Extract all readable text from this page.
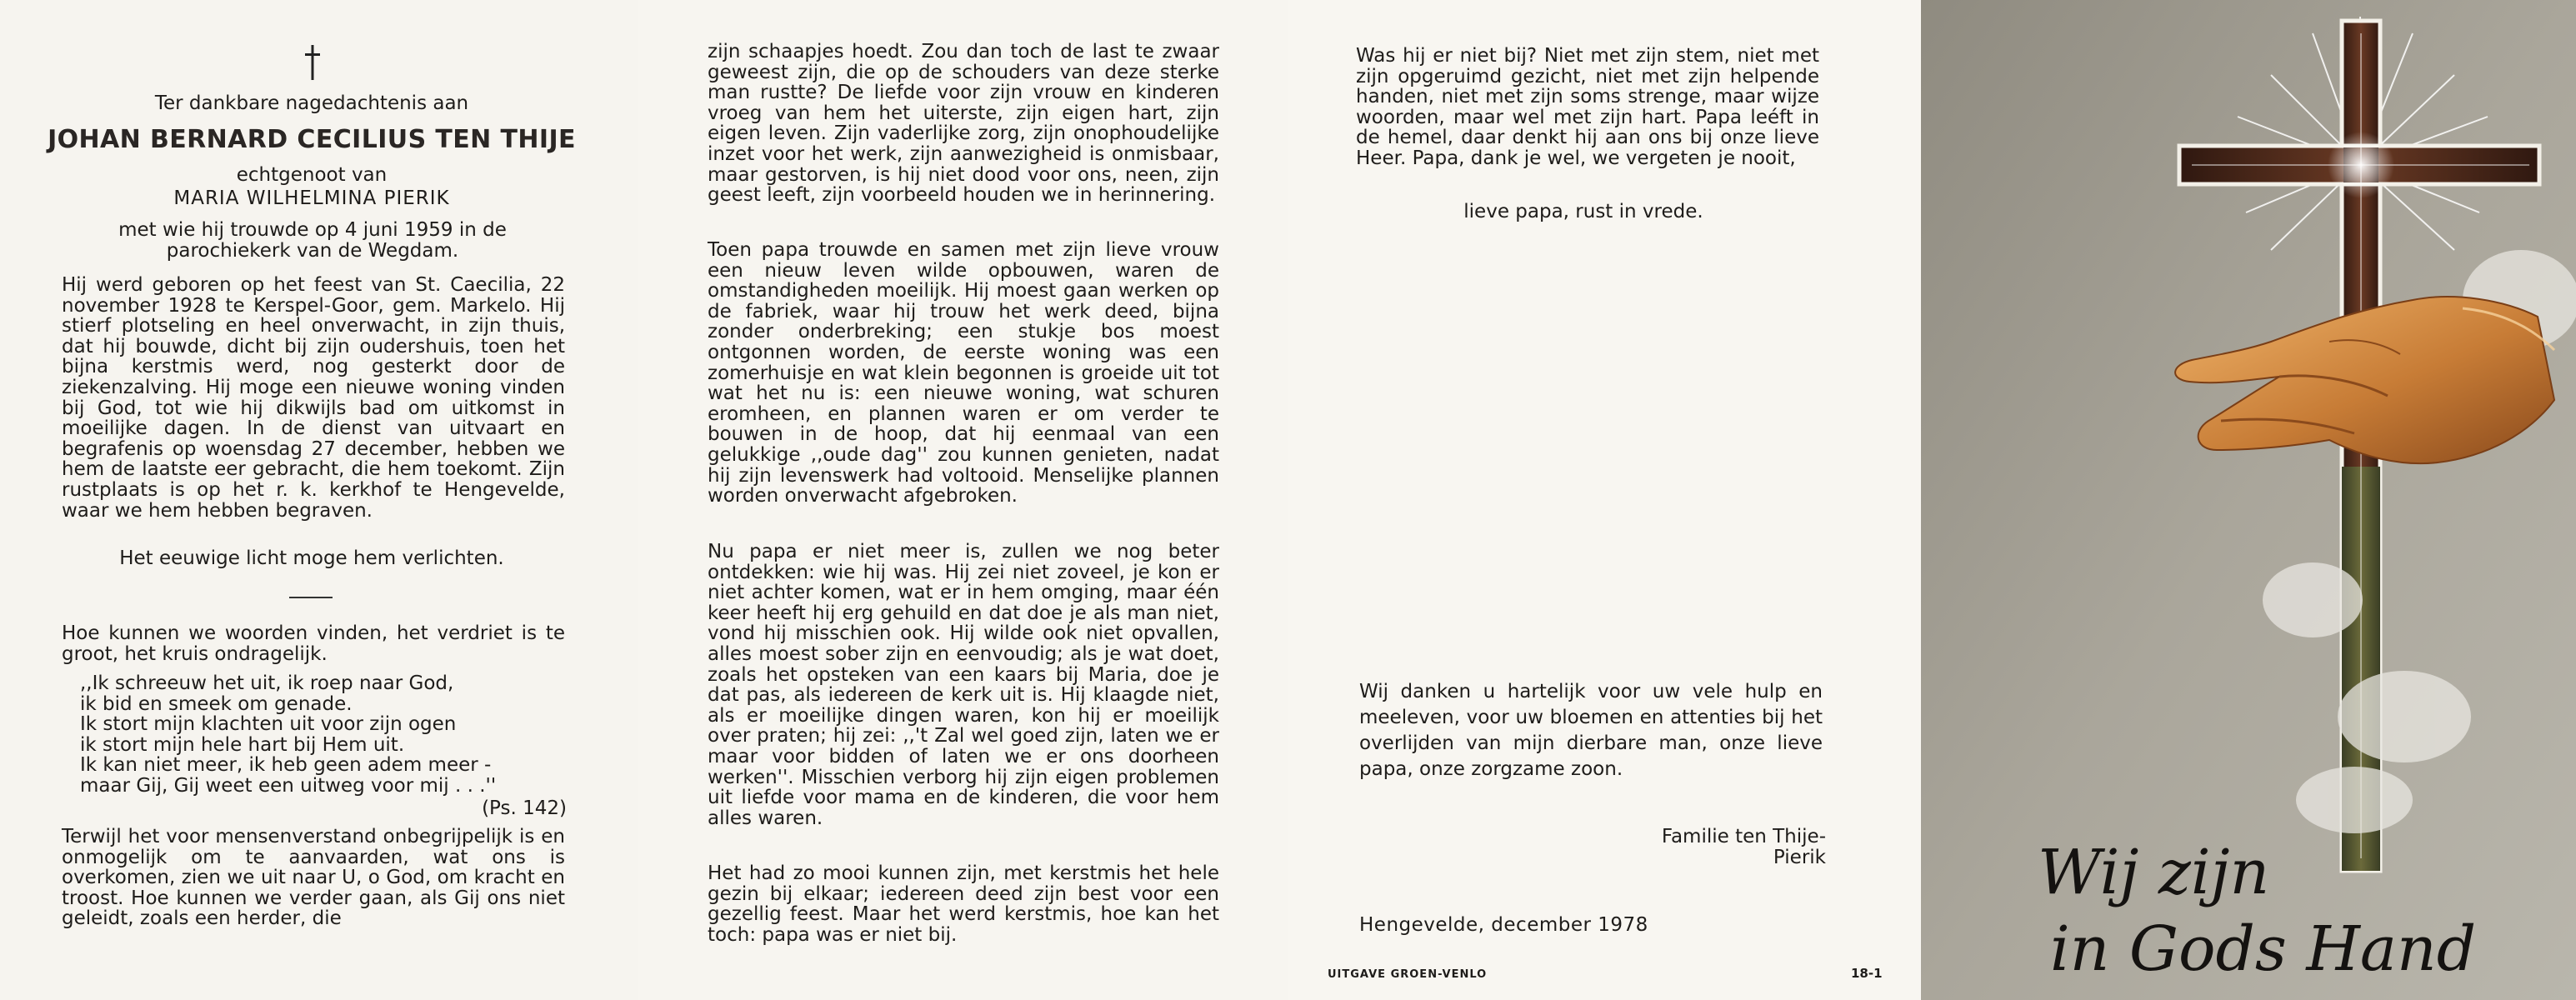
Ter dankbare nagedachtenis aan
JOHAN BERNARD CECILIUS TEN THIJE
echtgenoot van
MARIA WILHELMINA PIERIK
met wie hij trouwde op 4 juni 1959 in de parochiekerk van de Wegdam.
Hij werd geboren op het feest van St. Caecilia, 22 november 1928 te Kerspel-Goor, gem. Markelo. Hij stierf plotseling en heel onverwacht, in zijn thuis, dat hij bouwde, dicht bij zijn oudershuis, toen het bijna kerstmis werd, nog gesterkt door de ziekenzalving. Hij moge een nieuwe woning vinden bij God, tot wie hij dikwijls bad om uitkomst in moeilijke dagen. In de dienst van uitvaart en begrafenis op woensdag 27 december, hebben we hem de laatste eer gebracht, die hem toekomt. Zijn rustplaats is op het r. k. kerkhof te Hengevelde, waar we hem hebben begraven.
Het eeuwige licht moge hem verlichten.
Hoe kunnen we woorden vinden, het verdriet is te groot, het kruis ondragelijk.
,,Ik schreeuw het uit, ik roep naar God,
ik bid en smeek om genade.
Ik stort mijn klachten uit voor zijn ogen
ik stort mijn hele hart bij Hem uit.
Ik kan niet meer, ik heb geen adem meer -
maar Gij, Gij weet een uitweg voor mij . . .''
(Ps. 142)
Terwijl het voor mensenverstand onbegrijpelijk is en onmogelijk om te aanvaarden, wat ons is overkomen, zien we uit naar U, o God, om kracht en troost. Hoe kunnen we verder gaan, als Gij ons niet geleidt, zoals een herder, die
zijn schaapjes hoedt. Zou dan toch de last te zwaar geweest zijn, die op de schouders van deze sterke man rustte? De liefde voor zijn vrouw en kinderen vroeg van hem het uiterste, zijn eigen hart, zijn eigen leven. Zijn vaderlijke zorg, zijn onophoudelijke inzet voor het werk, zijn aanwezigheid is onmisbaar, maar gestorven, is hij niet dood voor ons, neen, zijn geest leeft, zijn voorbeeld houden we in herinnering.
Toen papa trouwde en samen met zijn lieve vrouw een nieuw leven wilde opbouwen, waren de omstandigheden moeilijk. Hij moest gaan werken op de fabriek, waar hij trouw het werk deed, bijna zonder onderbreking; een stukje bos moest ontgonnen worden, de eerste woning was een zomerhuisje en wat klein begonnen is groeide uit tot wat het nu is: een nieuwe woning, wat schuren eromheen, en plannen waren er om verder te bouwen in de hoop, dat hij eenmaal van een gelukkige ,,oude dag'' zou kunnen genieten, nadat hij zijn levenswerk had voltooid. Menselijke plannen worden onverwacht afgebroken.
Nu papa er niet meer is, zullen we nog beter ontdekken: wie hij was. Hij zei niet zoveel, je kon er niet achter komen, wat er in hem omging, maar één keer heeft hij erg gehuild en dat doe je als man niet, vond hij misschien ook. Hij wilde ook niet opvallen, alles moest sober zijn en eenvoudig; als je wat doet, zoals het opsteken van een kaars bij Maria, doe je dat pas, als iedereen de kerk uit is. Hij klaagde niet, als er moeilijke dingen waren, kon hij er moeilijk over praten; hij zei: ,,'t Zal wel goed zijn, laten we er maar voor bidden of laten we er ons doorheen werken''. Misschien verborg hij zijn eigen problemen uit liefde voor mama en de kinderen, die voor hem alles waren.
Het had zo mooi kunnen zijn, met kerstmis het hele gezin bij elkaar; iedereen deed zijn best voor een gezellig feest. Maar het werd kerstmis, hoe kan het toch: papa was er niet bij.
Was hij er niet bij? Niet met zijn stem, niet met zijn opgeruimd gezicht, niet met zijn helpende handen, niet met zijn soms strenge, maar wijze woorden, maar wel met zijn hart. Papa leéft in de hemel, daar denkt hij aan ons bij onze lieve Heer. Papa, dank je wel, we vergeten je nooit,
lieve papa, rust in vrede.
Wij danken u hartelijk voor uw vele hulp en meeleven, voor uw bloemen en attenties bij het overlijden van mijn dierbare man, onze lieve papa, onze zorgzame zoon.
Familie ten Thije-Pierik
Hengevelde, december 1978
UITGAVE GROEN-VENLO	18-1
Wij zijn
in Gods Hand
